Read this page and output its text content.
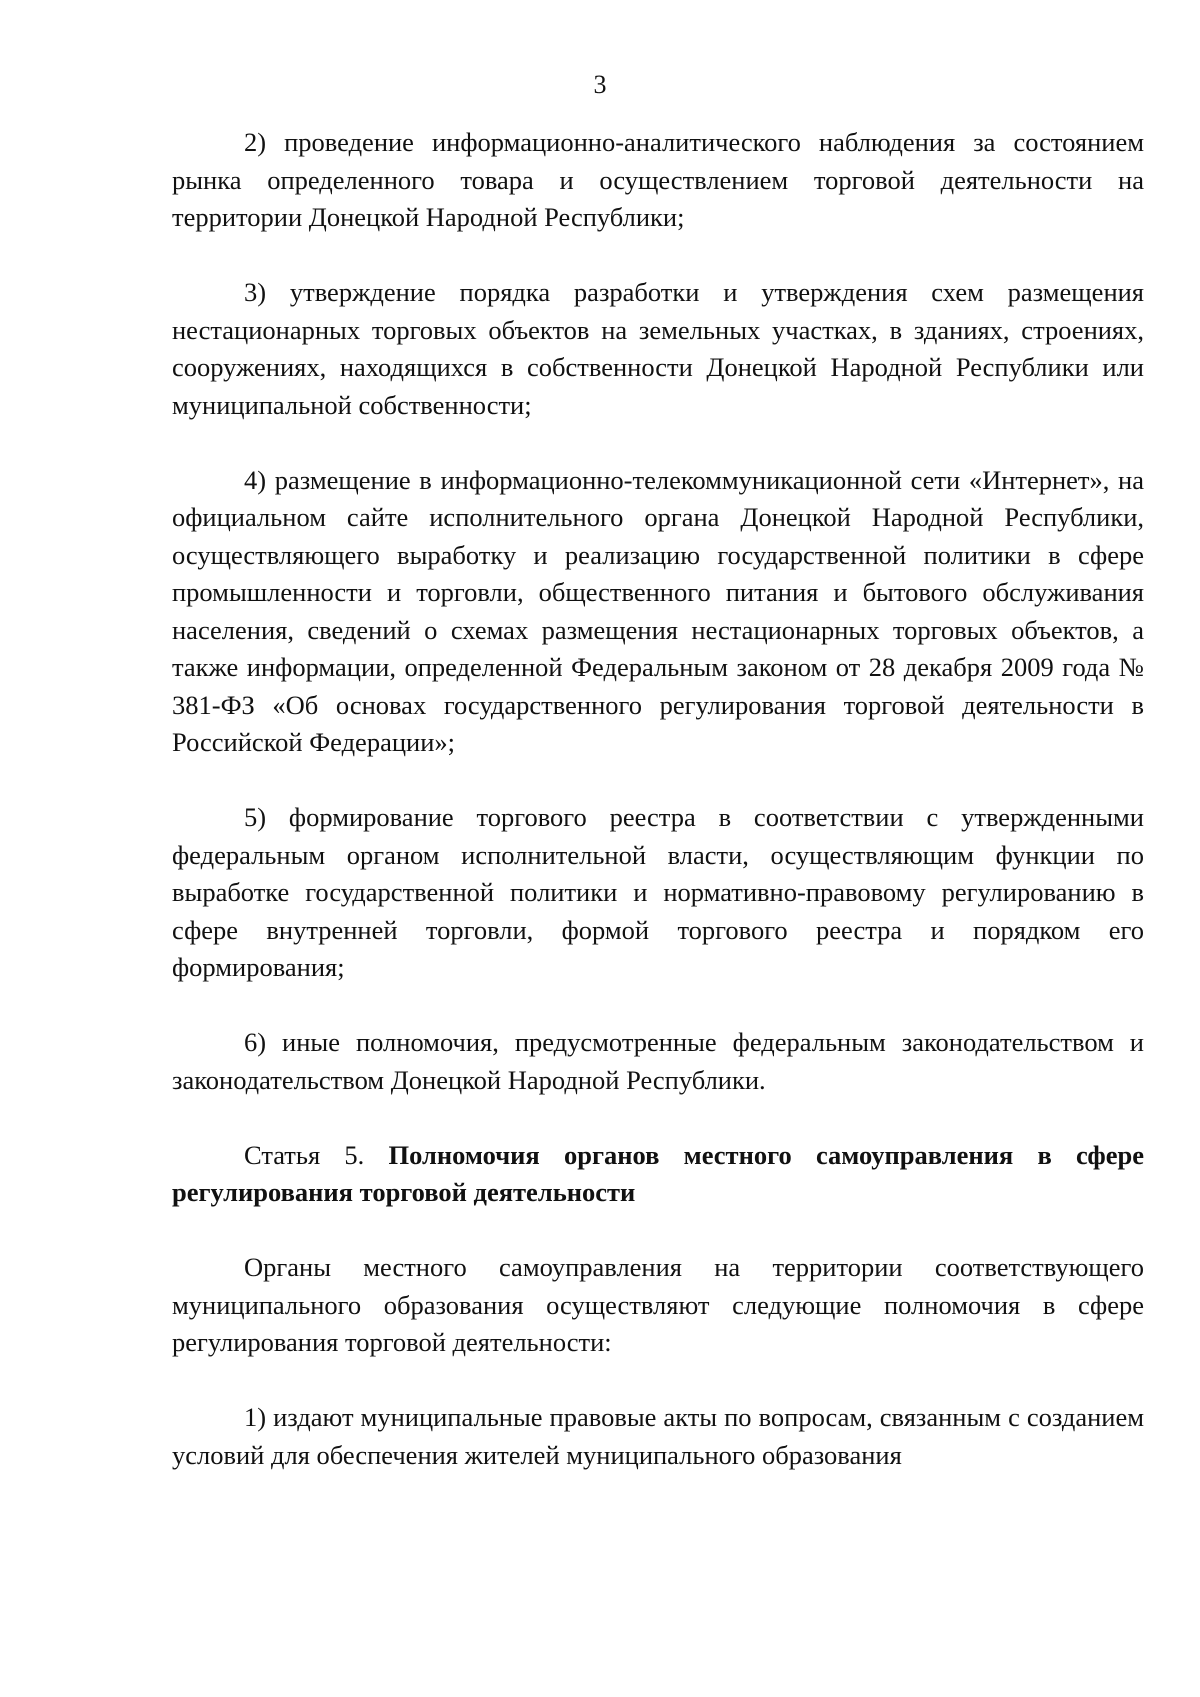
3

2) проведение информационно-аналитического наблюдения за состоянием рынка определенного товара и осуществлением торговой деятельности на территории Донецкой Народной Республики;

3) утверждение порядка разработки и утверждения схем размещения нестационарных торговых объектов на земельных участках, в зданиях, строениях, сооружениях, находящихся в собственности Донецкой Народной Республики или муниципальной собственности;

4) размещение в информационно-телекоммуникационной сети «Интернет», на официальном сайте исполнительного органа Донецкой Народной Республики, осуществляющего выработку и реализацию государственной политики в сфере промышленности и торговли, общественного питания и бытового обслуживания населения, сведений о схемах размещения нестационарных торговых объектов, а также информации, определенной Федеральным законом от 28 декабря 2009 года № 381-ФЗ «Об основах государственного регулирования торговой деятельности в Российской Федерации»;

5) формирование торгового реестра в соответствии с утвержденными федеральным органом исполнительной власти, осуществляющим функции по выработке государственной политики и нормативно-правовому регулированию в сфере внутренней торговли, формой торгового реестра и порядком его формирования;

6) иные полномочия, предусмотренные федеральным законодательством и законодательством Донецкой Народной Республики.

Статья 5. Полномочия органов местного самоуправления в сфере регулирования торговой деятельности

Органы местного самоуправления на территории соответствующего муниципального образования осуществляют следующие полномочия в сфере регулирования торговой деятельности:

1) издают муниципальные правовые акты по вопросам, связанным с созданием условий для обеспечения жителей муниципального образования
